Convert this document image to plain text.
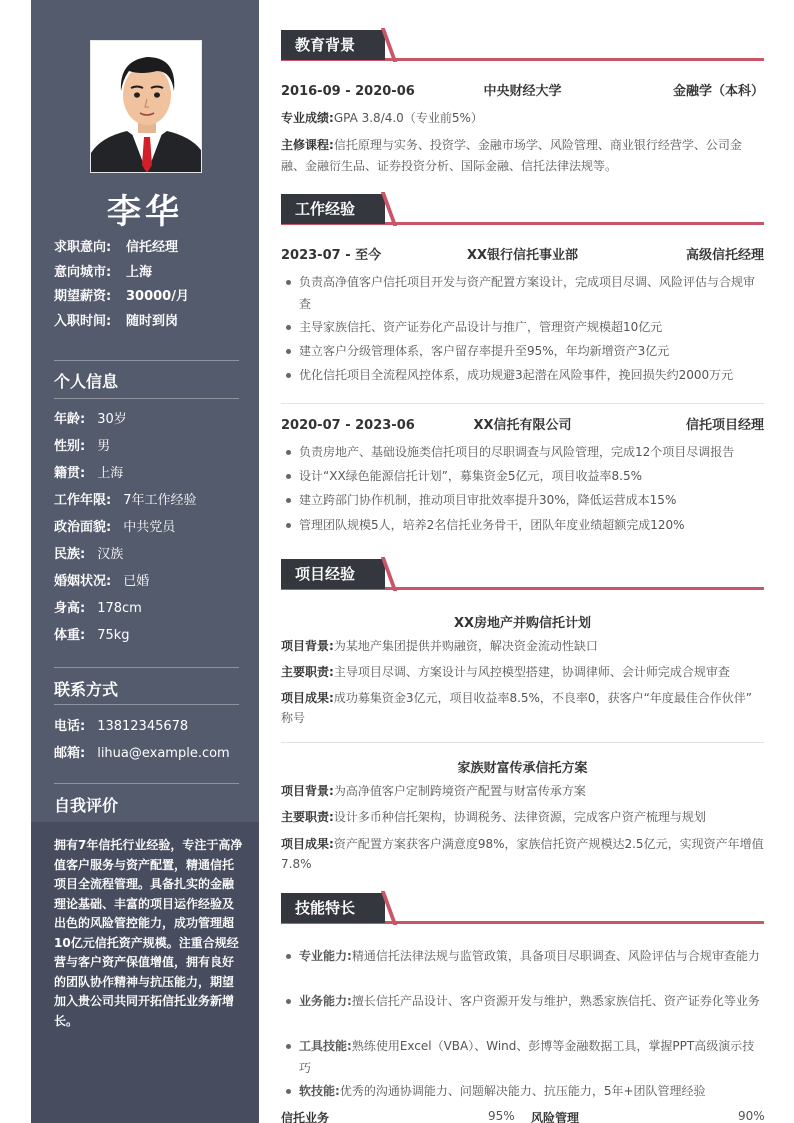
李华
求职意向: 信托经理
意向城市: 上海
期望薪资: 30000/月
入职时间: 随时到岗
个人信息
年龄: 30岁
性别: 男
籍贯: 上海
工作年限: 7年工作经验
政治面貌: 中共党员
民族: 汉族
婚姻状况: 已婚
身高: 178cm
体重: 75kg
联系方式
电话: 13812345678
邮箱: lihua@example.com
自我评价
拥有7年信托行业经验，专注于高净值客户服务与资产配置，精通信托项目全流程管理。具备扎实的金融理论基础、丰富的项目运作经验及出色的风险管控能力，成功管理超10亿元信托资产规模。注重合规经营与客户资产保值增值，拥有良好的团队协作精神与抗压能力，期望加入贵公司共同开拓信托业务新增长。
教育背景
2016-09 - 2020-06	中央财经大学	金融学（本科）
专业成绩:GPA 3.8/4.0（专业前5%）
主修课程:信托原理与实务、投资学、金融市场学、风险管理、商业银行经营学、公司金
融、金融衍生品、证券投资分析、国际金融、信托法律法规等。
工作经验
2023-07 - 至今	XX银行信托事业部	高级信托经理
负责高净值客户信托项目开发与资产配置方案设计，完成项目尽调、风险评估与合规审查
主导家族信托、资产证券化产品设计与推广，管理资产规模超10亿元
建立客户分级管理体系，客户留存率提升至95%，年均新增资产3亿元
优化信托项目全流程风控体系，成功规避3起潜在风险事件，挽回损失约2000万元
2020-07 - 2023-06	XX信托有限公司	信托项目经理
负责房地产、基础设施类信托项目的尽职调查与风险管理，完成12个项目尽调报告
设计“XX绿色能源信托计划”，募集资金5亿元，项目收益率8.5%
建立跨部门协作机制，推动项目审批效率提升30%，降低运营成本15%
管理团队规模5人，培养2名信托业务骨干，团队年度业绩超额完成120%
项目经验
XX房地产并购信托计划
项目背景:为某地产集团提供并购融资，解决资金流动性缺口
主要职责:主导项目尽调、方案设计与风控模型搭建，协调律师、会计师完成合规审查
项目成果:成功募集资金3亿元，项目收益率8.5%，不良率0，获客户“年度最佳合作伙伴”
称号
家族财富传承信托方案
项目背景:为高净值客户定制跨境资产配置与财富传承方案
主要职责:设计多币种信托架构，协调税务、法律资源，完成客户资产梳理与规划
项目成果:资产配置方案获客户满意度98%，家族信托资产规模达2.5亿元，实现资产年增值
7.8%
技能特长
专业能力:精通信托法律法规与监管政策，具备项目尽职调查、风险评估与合规审查能力
业务能力:擅长信托产品设计、客户资源开发与维护，熟悉家族信托、资产证券化等业务
工具技能:熟练使用Excel（VBA）、Wind、彭博等金融数据工具，掌握PPT高级演示技巧
软技能:优秀的沟通协调能力、问题解决能力、抗压能力，5年+团队管理经验
信托业务	95% 风险管理	90%
